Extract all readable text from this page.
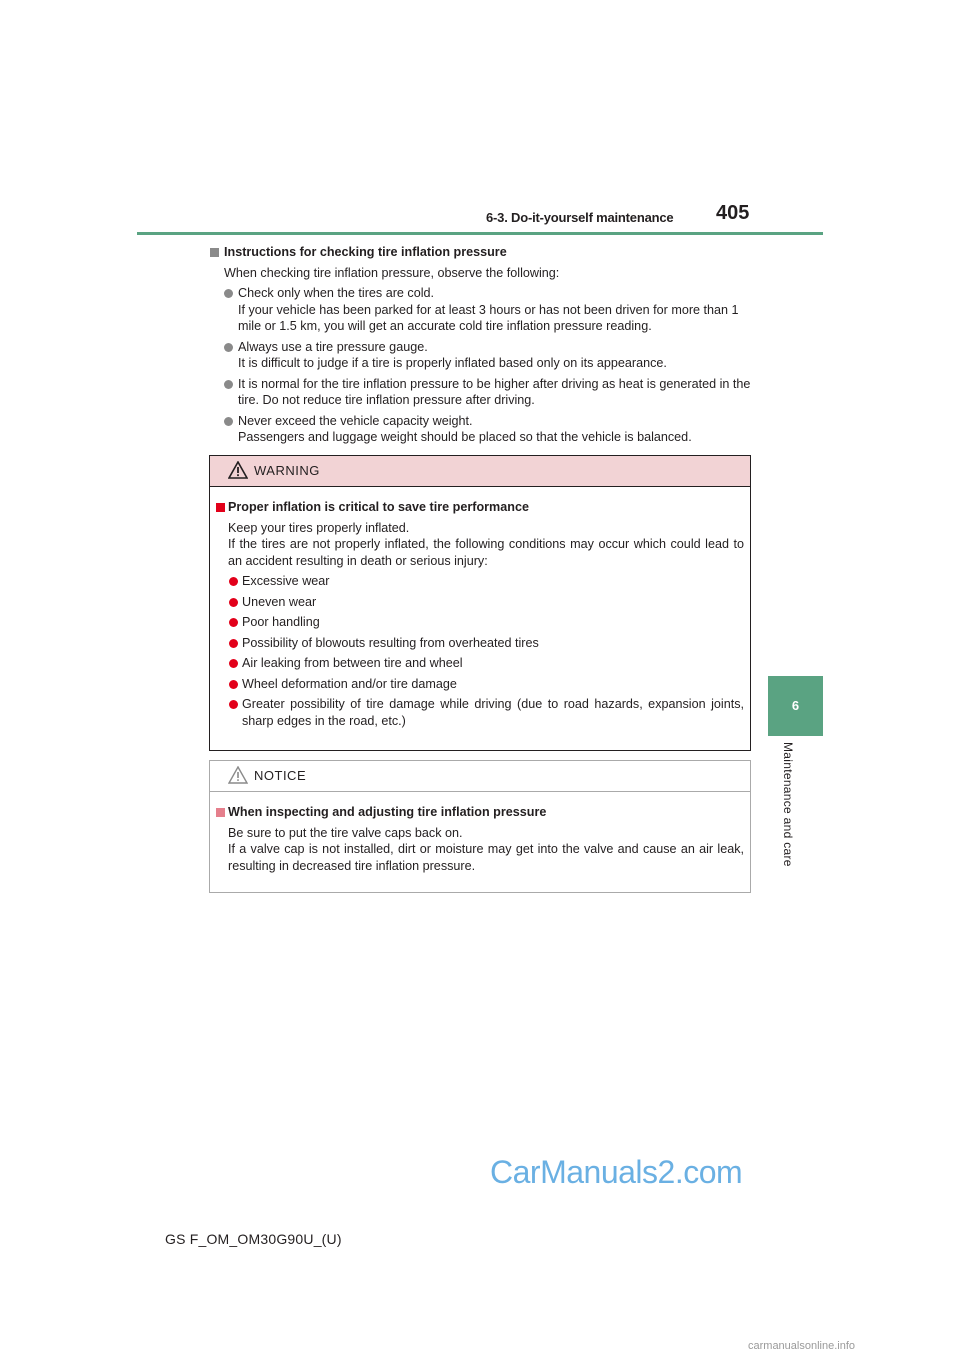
6-3. Do-it-yourself maintenance 405
6
Maintenance and care

Instructions for checking tire inflation pressure

When checking tire inflation pressure, observe the following:

Check only when the tires are cold.

If your vehicle has been parked for at least 3 hours or has not been driven for more than 1 mile or 1.5 km, you will get an accurate cold tire inflation pressure reading.

Always use a tire pressure gauge.

It is difficult to judge if a tire is properly inflated based only on its appearance.

It is normal for the tire inflation pressure to be higher after driving as heat is generated in the tire. Do not reduce tire inflation pressure after driving.

Never exceed the vehicle capacity weight.

Passengers and luggage weight should be placed so that the vehicle is balanced.

WARNING

Proper inflation is critical to save tire performance

Keep your tires properly inflated.

If the tires are not properly inflated, the following conditions may occur which could lead to an accident resulting in death or serious injury:

Excessive wear

Uneven wear

Poor handling

Possibility of blowouts resulting from overheated tires

Air leaking from between tire and wheel

Wheel deformation and/or tire damage

Greater possibility of tire damage while driving (due to road hazards, expansion joints, sharp edges in the road, etc.)

NOTICE

When inspecting and adjusting tire inflation pressure

Be sure to put the tire valve caps back on.

If a valve cap is not installed, dirt or moisture may get into the valve and cause an air leak, resulting in decreased tire inflation pressure.

GS F_OM_OM30G90U_(U)
CarManuals2.com
carmanualsonline.info
